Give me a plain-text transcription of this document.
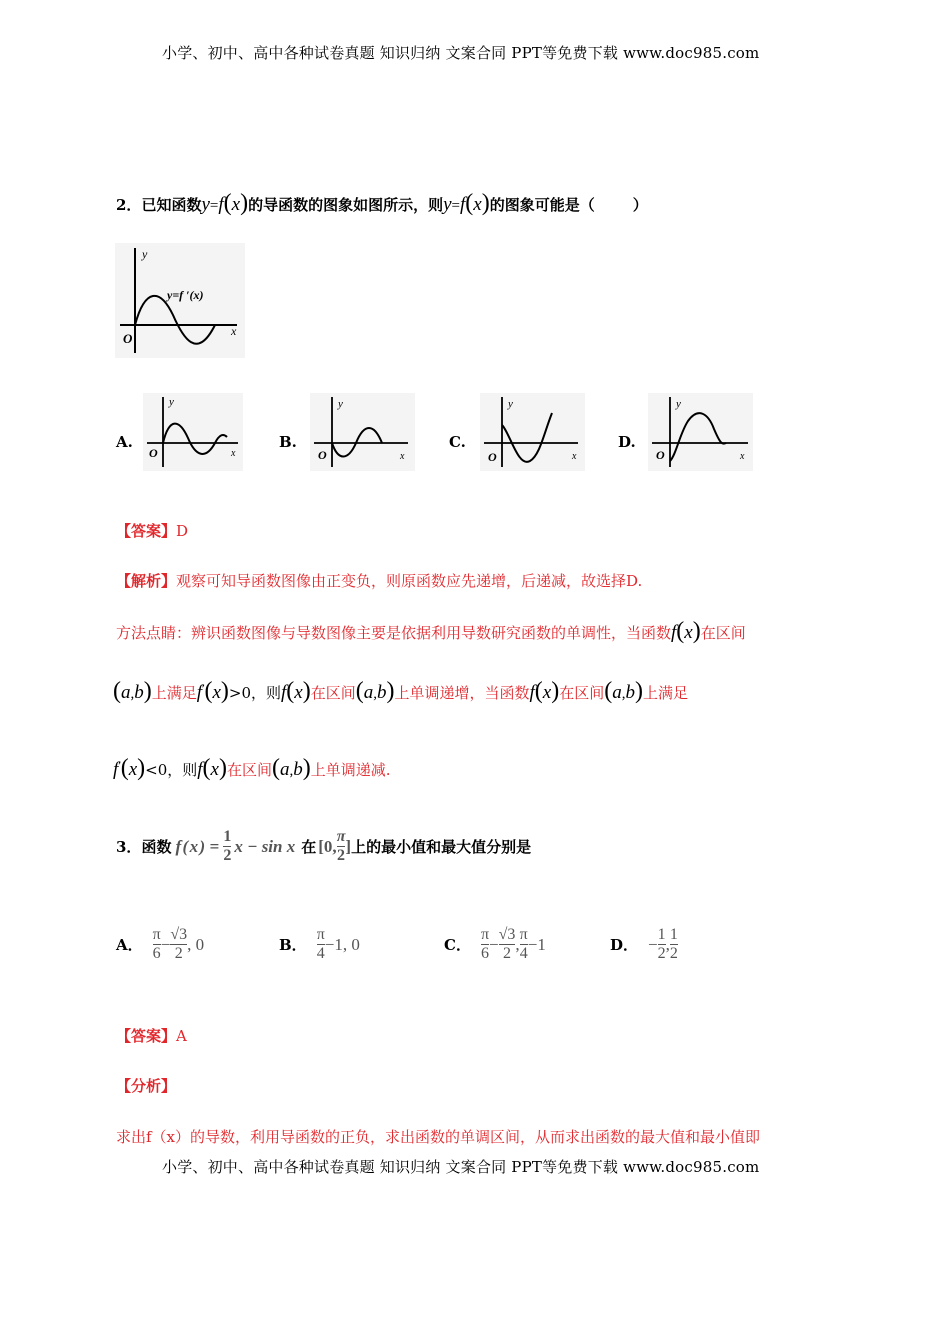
小学、初中、高中各种试卷真题 知识归纳 文案合同 PPT等免费下载 www.doc985.com
2．已知函数y=f(x)的导函数的图象如图所示，则y=f(x)的图象可能是（	）
y
x
O
y=f ′(x)
A.
y
x
O
B.
y
x
O
C.
y
x
O
D.
y
x
O
【答案】D
【解析】观察可知导函数图像由正变负，则原函数应先递增，后递减，故选择D.
方法点睛：辨识函数图像与导数图像主要是依据利用导数研究函数的单调性，当函数f(x)在区间
(a,b)上满足f′(x)>0，则f(x)在区间(a,b)上单调递增，当函数f(x)在区间(a,b)上满足
f′(x)<0，则f(x)在区间(a,b)上单调递减.
3． 函数 f ( x ) = $\frac{1}{2}$ x − sin x 在 [0, $\frac{\pi}{2}$ ] 上的最小值和最大值分别是
A． $\frac{\pi}{6} - \frac{√3}{2}$ , 0	B． $\frac{\pi}{4} -1$, 0	C． $\frac{\pi}{6} - \frac{√3}{2}$ , $\frac{\pi}{4} -1$	D． − $\frac{1}{2}$ , $\frac{1}{2}$
【答案】A
【分析】
求出f（x）的导数，利用导函数的正负，求出函数的单调区间，从而求出函数的最大值和最小值即
小学、初中、高中各种试卷真题 知识归纳 文案合同 PPT等免费下载 www.doc985.com
